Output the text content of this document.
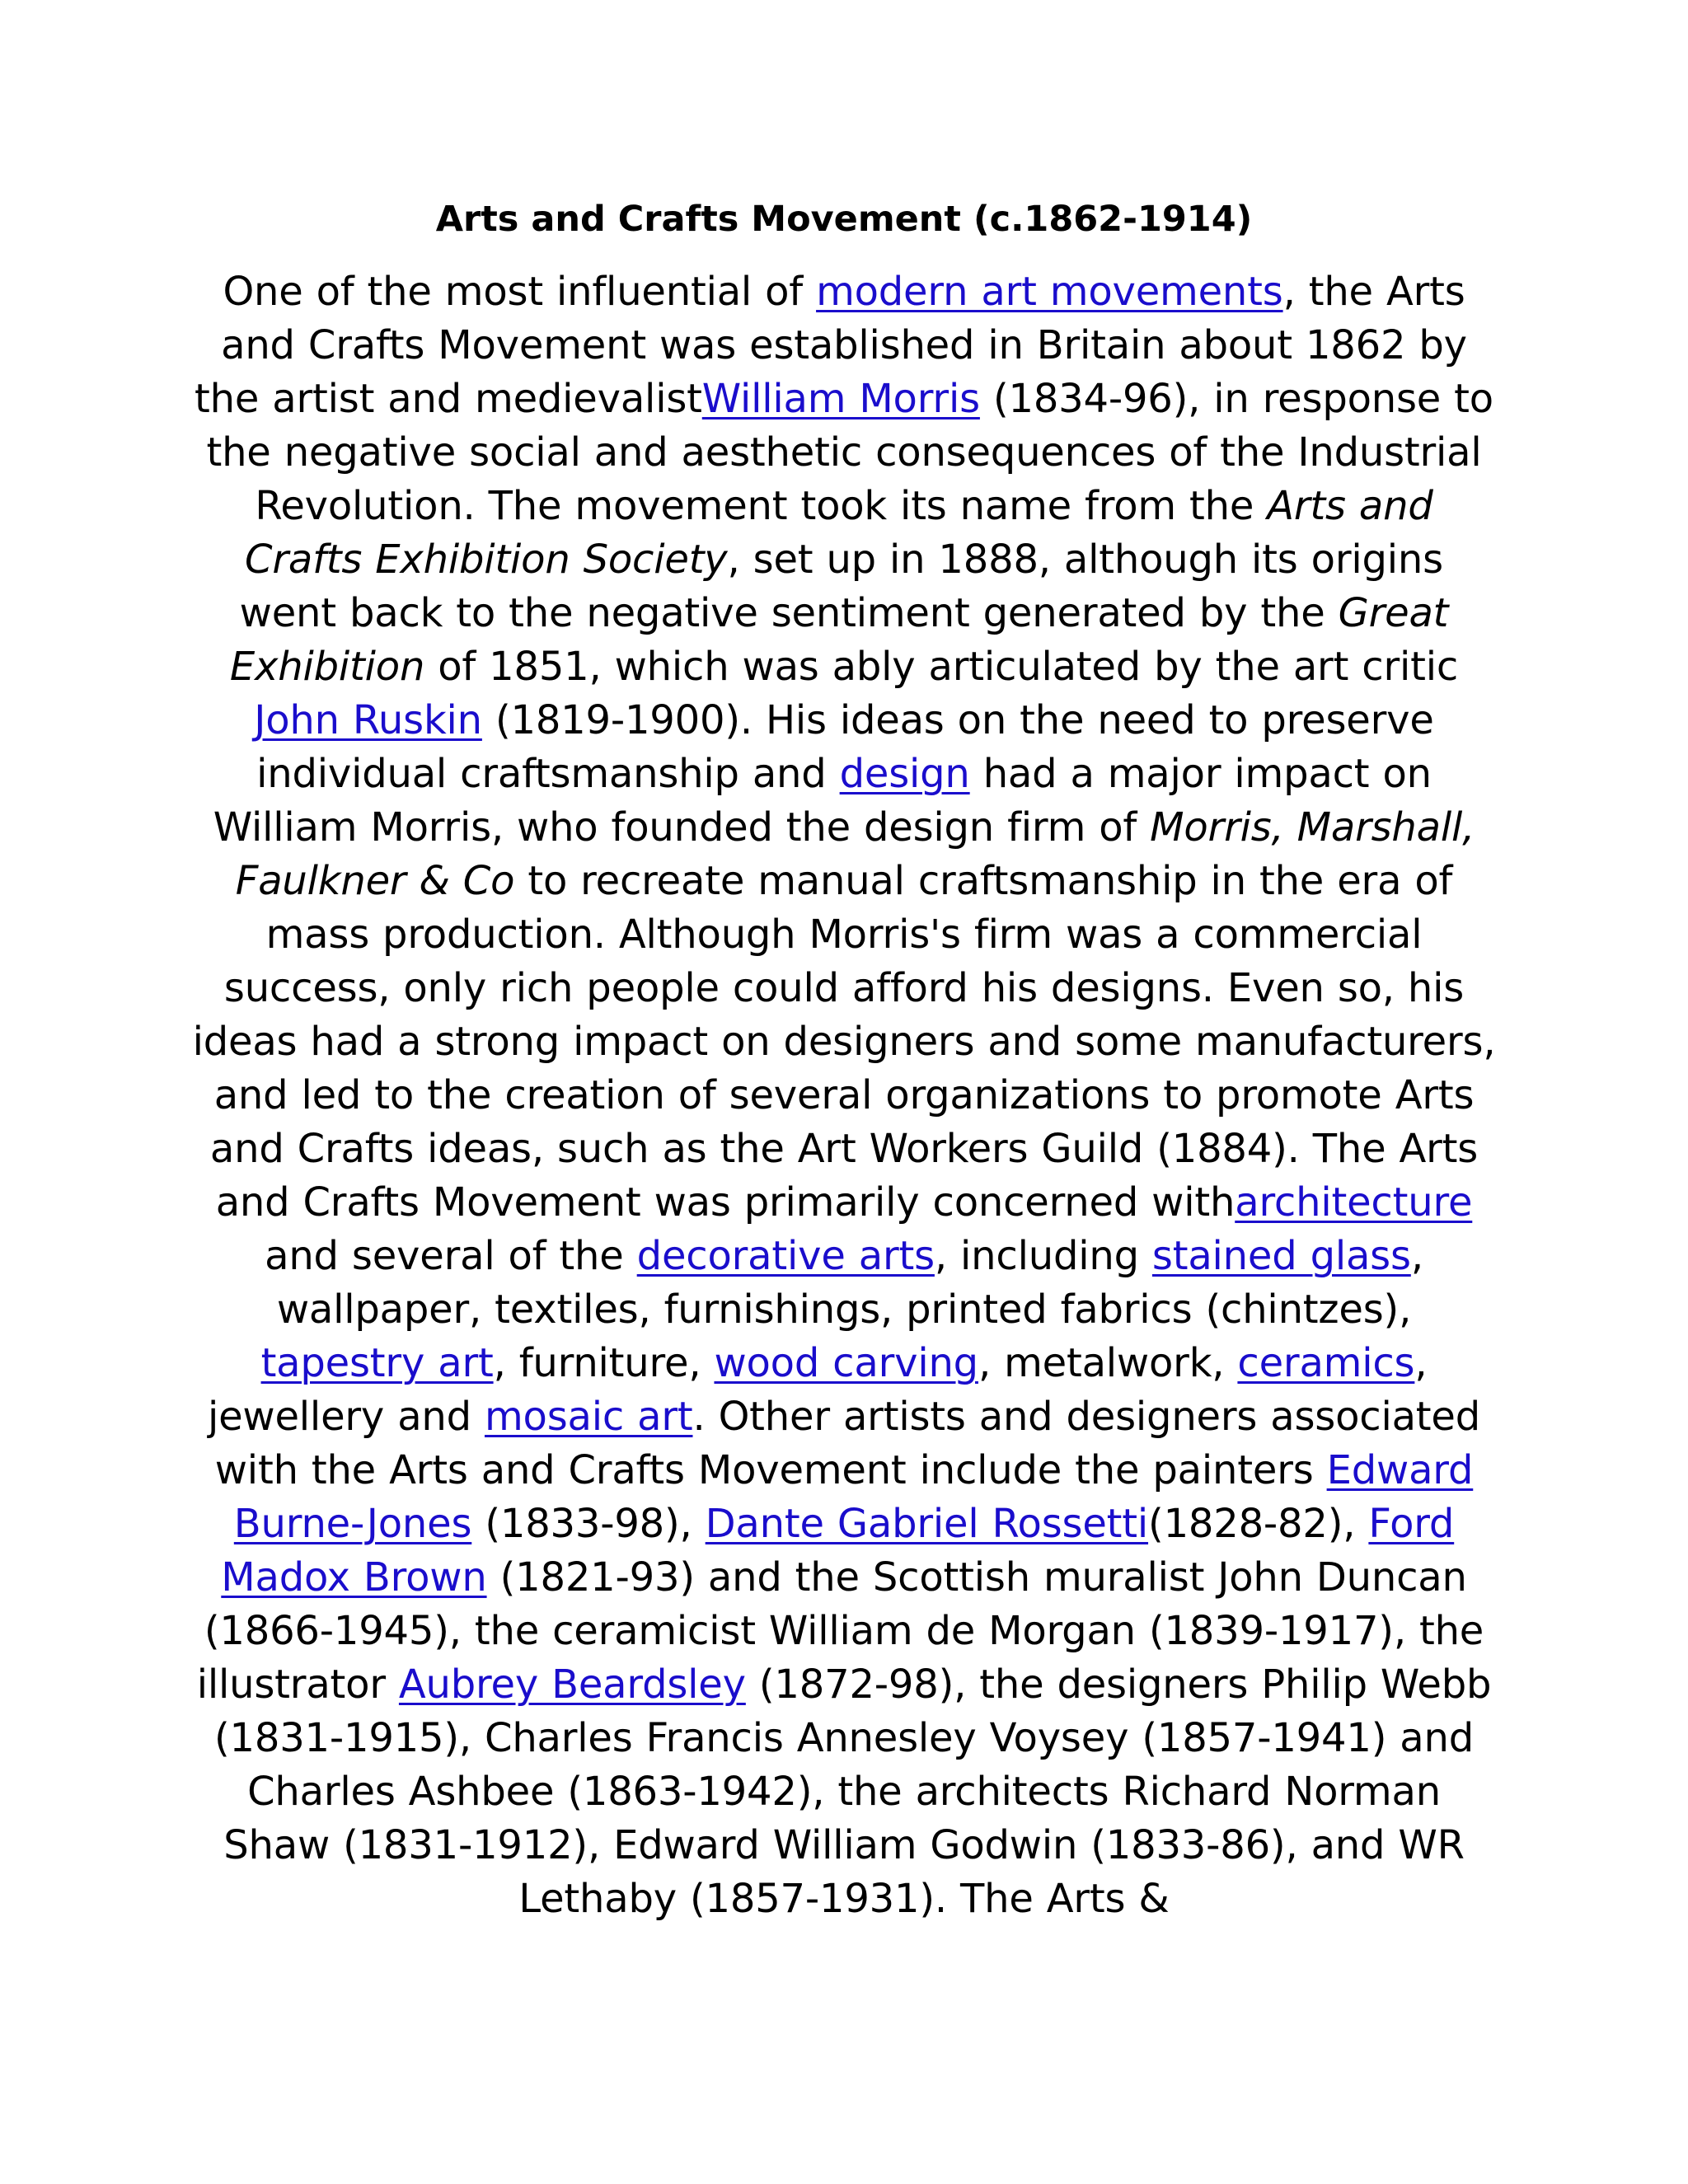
Arts and Crafts Movement (c.1862-1914)

One of the most influential of modern art movements, the Arts and Crafts Movement was established in Britain about 1862 by the artist and medievalistWilliam Morris (1834-96), in response to the negative social and aesthetic consequences of the Industrial Revolution. The movement took its name from the Arts and Crafts Exhibition Society, set up in 1888, although its origins went back to the negative sentiment generated by the Great Exhibition of 1851, which was ably articulated by the art critic John Ruskin (1819-1900). His ideas on the need to preserve individual craftsmanship and design had a major impact on William Morris, who founded the design firm of Morris, Marshall, Faulkner & Co to recreate manual craftsmanship in the era of mass production. Although Morris's firm was a commercial success, only rich people could afford his designs. Even so, his ideas had a strong impact on designers and some manufacturers, and led to the creation of several organizations to promote Arts and Crafts ideas, such as the Art Workers Guild (1884). The Arts and Crafts Movement was primarily concerned witharchitecture and several of the decorative arts, including stained glass, wallpaper, textiles, furnishings, printed fabrics (chintzes), tapestry art, furniture, wood carving, metalwork, ceramics, jewellery and mosaic art. Other artists and designers associated with the Arts and Crafts Movement include the painters Edward Burne-Jones (1833-98), Dante Gabriel Rossetti(1828-82), Ford Madox Brown (1821-93) and the Scottish muralist John Duncan (1866-1945), the ceramicist William de Morgan (1839-1917), the illustrator Aubrey Beardsley (1872-98), the designers Philip Webb (1831-1915), Charles Francis Annesley Voysey (1857-1941) and Charles Ashbee (1863-1942), the architects Richard Norman Shaw (1831-1912), Edward William Godwin (1833-86), and WR Lethaby (1857-1931). The Arts &
